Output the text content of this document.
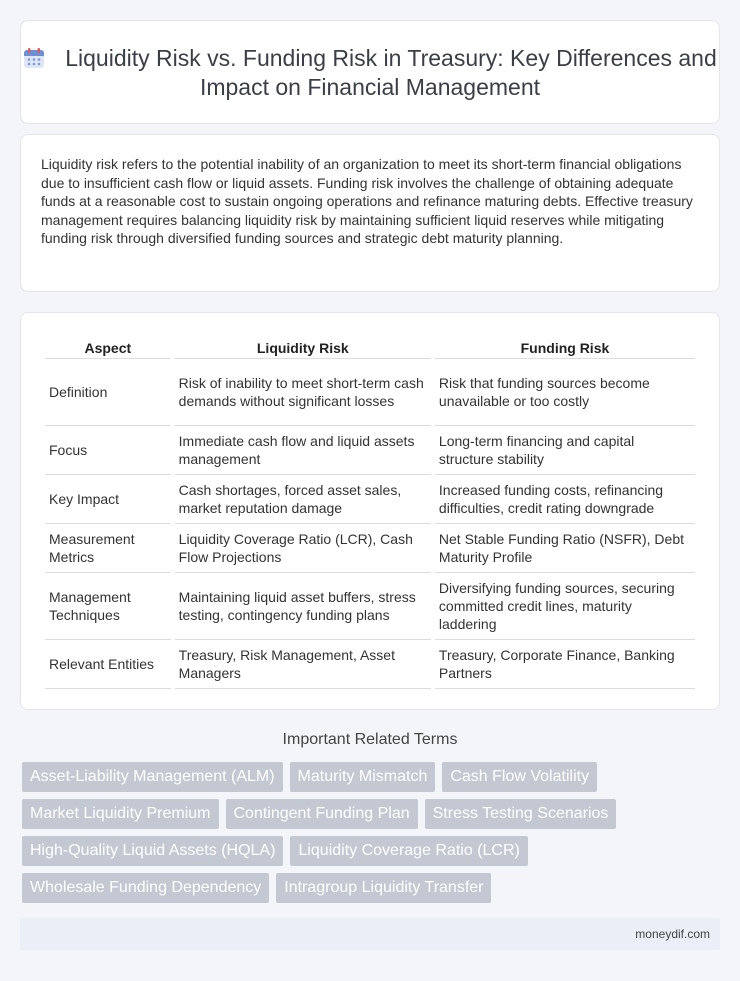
Liquidity Risk vs. Funding Risk in Treasury: Key Differences and Impact on Financial Management

Liquidity risk refers to the potential inability of an organization to meet its short-term financial obligations due to insufficient cash flow or liquid assets. Funding risk involves the challenge of obtaining adequate funds at a reasonable cost to sustain ongoing operations and refinance maturing debts. Effective treasury management requires balancing liquidity risk by maintaining sufficient liquid reserves while mitigating funding risk through diversified funding sources and strategic debt maturity planning.

Aspect	Liquidity Risk	Funding Risk
Definition	Risk of inability to meet short-term cash demands without significant losses	Risk that funding sources become unavailable or too costly
Focus	Immediate cash flow and liquid assets management	Long-term financing and capital structure stability
Key Impact	Cash shortages, forced asset sales, market reputation damage	Increased funding costs, refinancing difficulties, credit rating downgrade
Measurement Metrics	Liquidity Coverage Ratio (LCR), Cash Flow Projections	Net Stable Funding Ratio (NSFR), Debt Maturity Profile
Management Techniques	Maintaining liquid asset buffers, stress testing, contingency funding plans	Diversifying funding sources, securing committed credit lines, maturity laddering
Relevant Entities	Treasury, Risk Management, Asset Managers	Treasury, Corporate Finance, Banking Partners
Important Related Terms
Asset-Liability Management (ALM)	Maturity Mismatch	Cash Flow Volatility
Market Liquidity Premium	Contingent Funding Plan	Stress Testing Scenarios
High-Quality Liquid Assets (HQLA)	Liquidity Coverage Ratio (LCR)
Wholesale Funding Dependency	Intragroup Liquidity Transfer
moneydif.com
